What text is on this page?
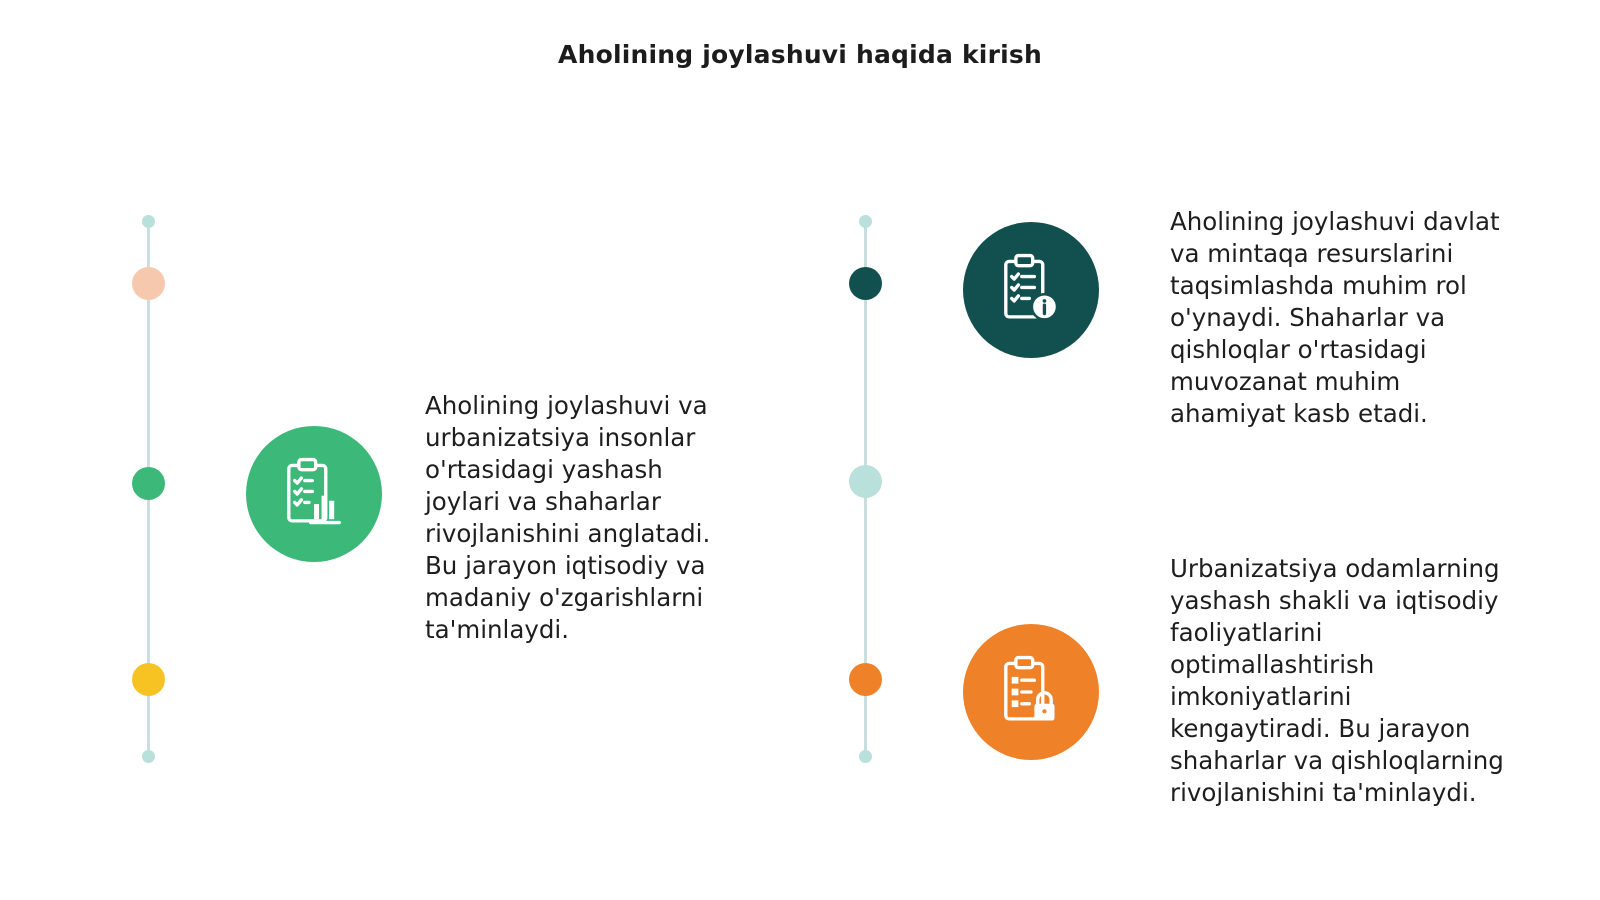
Aholining joylashuvi haqida kirish
Aholining joylashuvi va
urbanizatsiya insonlar
o'rtasidagi yashash
joylari va shaharlar
rivojlanishini anglatadi.
Bu jarayon iqtisodiy va
madaniy o'zgarishlarni
ta'minlaydi.
Aholining joylashuvi davlat
va mintaqa resurslarini
taqsimlashda muhim rol
o'ynaydi. Shaharlar va
qishloqlar o'rtasidagi
muvozanat muhim
ahamiyat kasb etadi.
Urbanizatsiya odamlarning
yashash shakli va iqtisodiy
faoliyatlarini
optimallashtirish
imkoniyatlarini
kengaytiradi. Bu jarayon
shaharlar va qishloqlarning
rivojlanishini ta'minlaydi.
